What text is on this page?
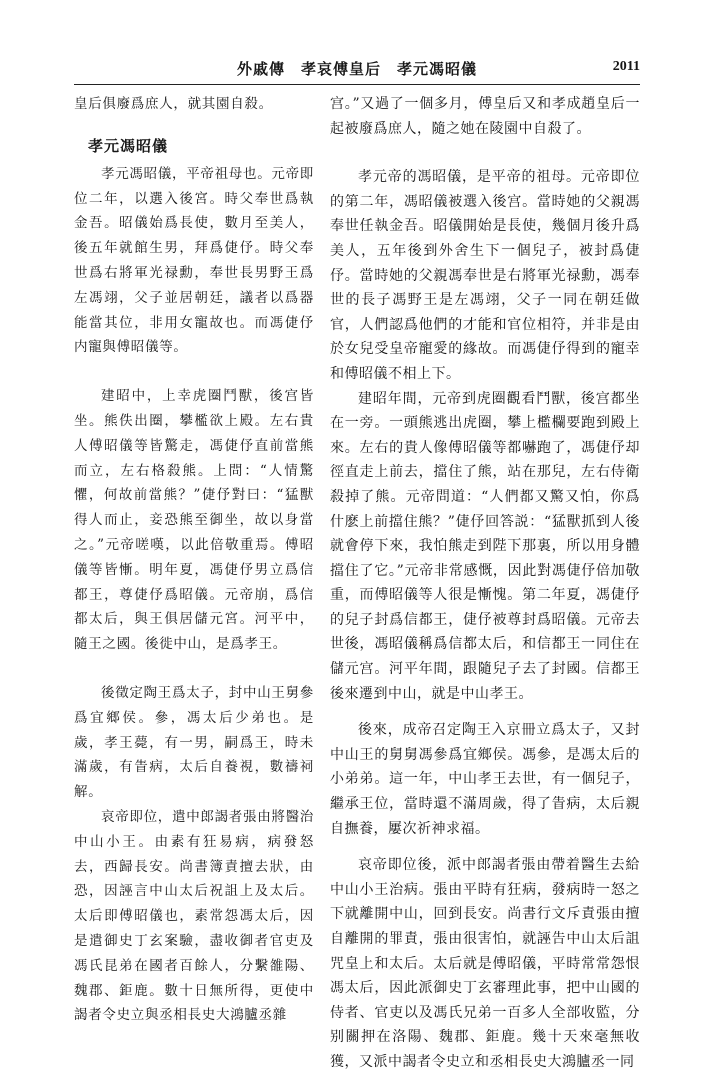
外戚傳　孝哀傅皇后　孝元馮昭儀	2011

皇后俱廢爲庶人，就其園自殺。

孝元馮昭儀

孝元馮昭儀，平帝祖母也。元帝即位二年，以選入後宮。時父奉世爲執金吾。昭儀始爲長使，數月至美人，後五年就館生男，拜爲倢伃。時父奉世爲右將軍光禄勳，奉世長男野王爲左馮翊，父子並居朝廷，議者以爲器能當其位，非用女寵故也。而馮倢伃内寵與傅昭儀等。

建昭中，上幸虎圈鬥獸，後宫皆坐。熊佚出圈，攀檻欲上殿。左右貴人傅昭儀等皆驚走，馮倢伃直前當熊而立，左右格殺熊。上問：“人情驚懼，何故前當熊？”倢伃對曰：“猛獸得人而止，妾恐熊至御坐，故以身當之。”元帝嗟嘆，以此倍敬重焉。傅昭儀等皆慚。明年夏，馮倢伃男立爲信都王，尊倢伃爲昭儀。元帝崩，爲信都太后，與王俱居儲元宮。河平中，隨王之國。後徙中山，是爲孝王。

後徵定陶王爲太子，封中山王舅參爲宜鄉侯。參，馮太后少弟也。是歲，孝王薨，有一男，嗣爲王，時未滿歲，有眚病，太后自養視，數禱祠解。

哀帝即位，遣中郎謁者張由將醫治中山小王。由素有狂易病，病發怒去，西歸長安。尚書簿責擅去狀，由恐，因誣言中山太后祝詛上及太后。太后即傅昭儀也，素常怨馮太后，因是遣御史丁玄案驗，盡收御者官吏及馮氏昆弟在國者百餘人，分繫雒陽、魏郡、鉅鹿。數十日無所得，更使中謁者令史立與丞相長史大鴻臚丞雜

宫。”又過了一個多月，傅皇后又和孝成趙皇后一起被廢爲庶人，隨之她在陵園中自殺了。

孝元帝的馮昭儀，是平帝的祖母。元帝即位的第二年，馮昭儀被選入後宫。當時她的父親馮奉世任執金吾。昭儀開始是長使，幾個月後升爲美人，五年後到外舍生下一個兒子，被封爲倢伃。當時她的父親馮奉世是右將軍光禄勳，馮奉世的長子馮野王是左馮翊，父子一同在朝廷做官，人們認爲他們的才能和官位相符，并非是由於女兒受皇帝寵愛的緣故。而馮倢伃得到的寵幸和傅昭儀不相上下。

建昭年間，元帝到虎圈觀看鬥獸，後宫都坐在一旁。一頭熊逃出虎圈，攀上檻欄要跑到殿上來。左右的貴人像傅昭儀等都嚇跑了，馮倢伃却徑直走上前去，擋住了熊，站在那兒，左右侍衛殺掉了熊。元帝問道：“人們都又驚又怕，你爲什麽上前擋住熊？”倢伃回答説：“猛獸抓到人後就會停下來，我怕熊走到陛下那裏，所以用身體擋住了它。”元帝非常感慨，因此對馮倢伃倍加敬重，而傅昭儀等人很是慚愧。第二年夏，馮倢伃的兒子封爲信都王，倢伃被尊封爲昭儀。元帝去世後，馮昭儀稱爲信都太后，和信都王一同住在儲元宫。河平年間，跟隨兒子去了封國。信都王後來遷到中山，就是中山孝王。

後來，成帝召定陶王入京冊立爲太子，又封中山王的舅舅馮參爲宜鄉侯。馮參，是馮太后的小弟弟。這一年，中山孝王去世，有一個兒子，繼承王位，當時還不滿周歲，得了眚病，太后親自撫養，屢次祈神求福。

哀帝即位後，派中郎謁者張由帶着醫生去給中山小王治病。張由平時有狂病，發病時一怒之下就離開中山，回到長安。尚書行文斥責張由擅自離開的罪責，張由很害怕，就誣告中山太后詛咒皇上和太后。太后就是傅昭儀，平時常常怨恨馮太后，因此派御史丁玄審理此事，把中山國的侍者、官吏以及馮氏兄弟一百多人全部收監，分别關押在洛陽、魏郡、鉅鹿。幾十天來毫無收獲，又派中謁者令史立和丞相長史大鴻臚丞一同
